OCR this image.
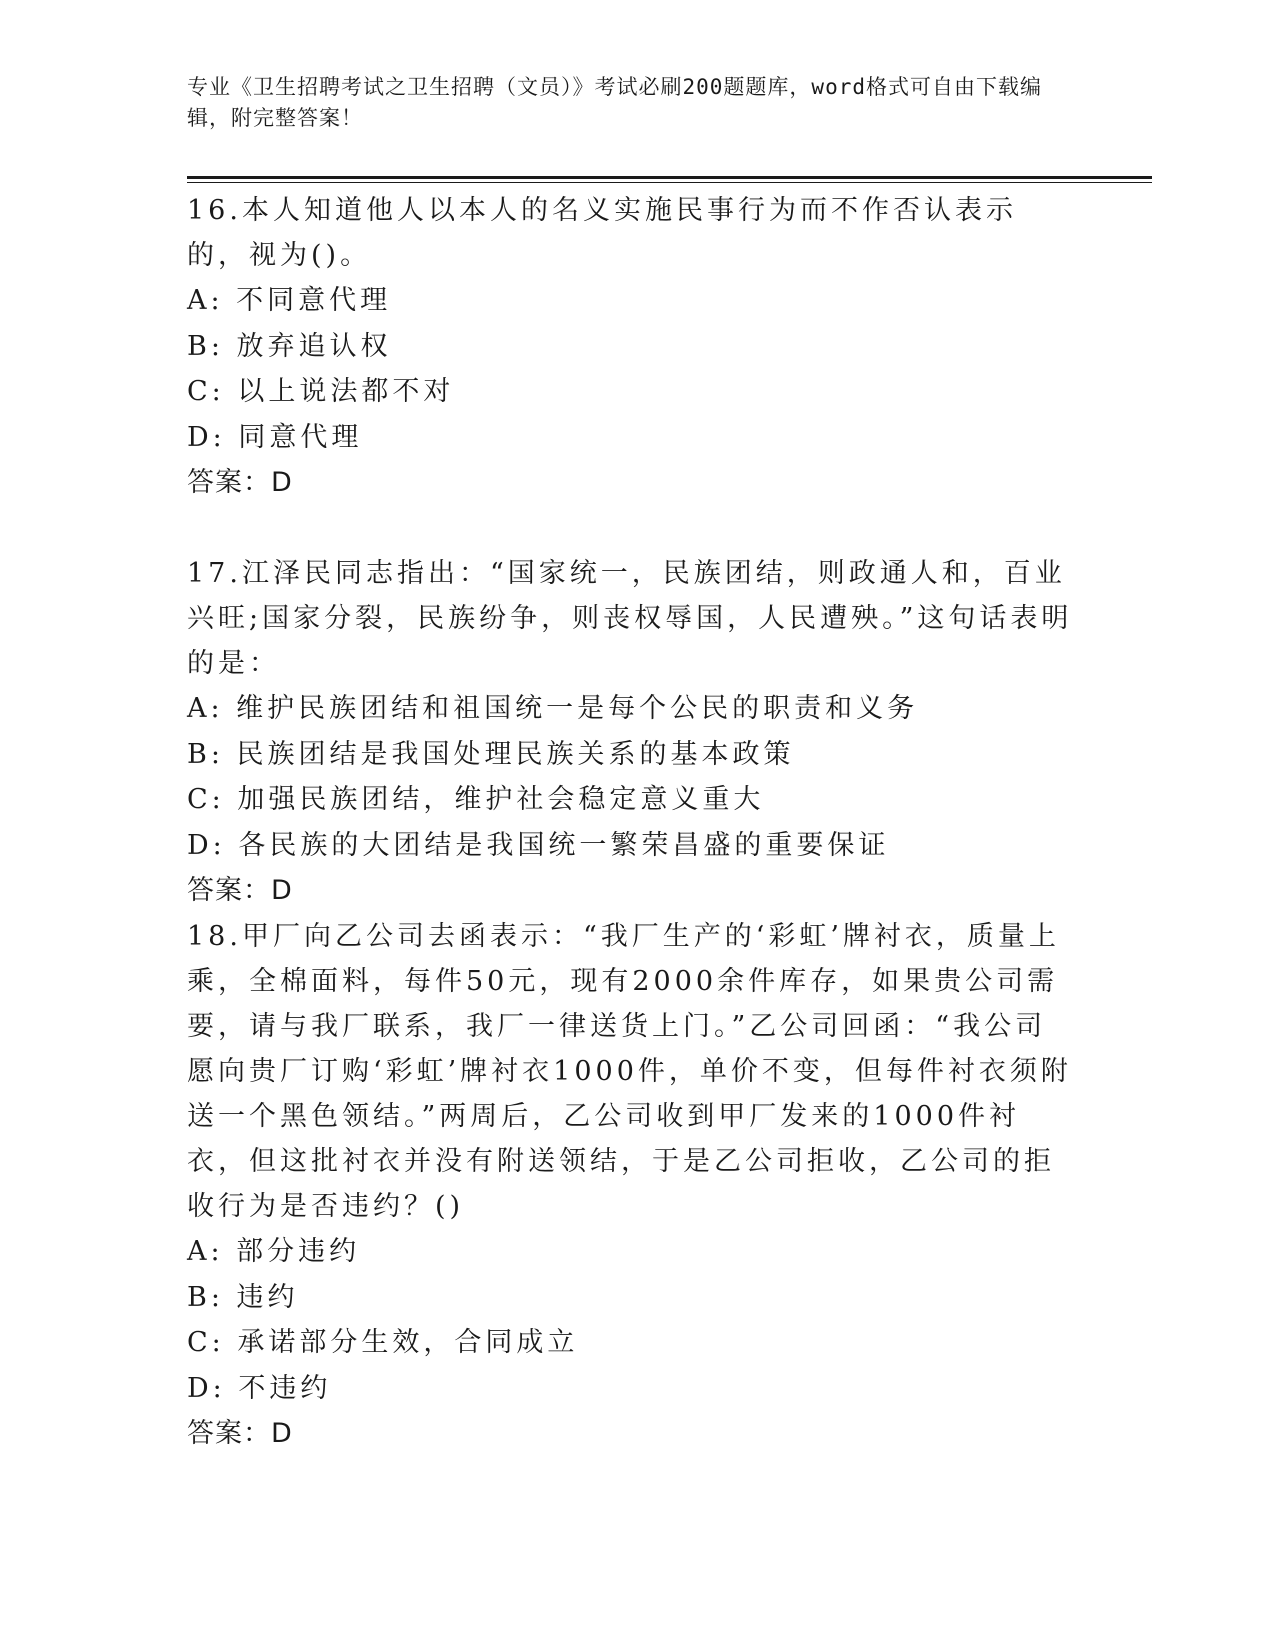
专业《卫生招聘考试之卫生招聘（文员）》考试必刷200题题库，word格式可自由下载编辑，附完整答案！

16.本人知道他人以本人的名义实施民事行为而不作否认表示的，视为()。

A: 不同意代理

B: 放弃追认权

C: 以上说法都不对

D: 同意代理

答案：D

17.江泽民同志指出：“国家统一，民族团结，则政通人和，百业兴旺;国家分裂，民族纷争，则丧权辱国，人民遭殃。”这句话表明的是：

A: 维护民族团结和祖国统一是每个公民的职责和义务

B: 民族团结是我国处理民族关系的基本政策

C: 加强民族团结，维护社会稳定意义重大

D: 各民族的大团结是我国统一繁荣昌盛的重要保证

答案：D

18.甲厂向乙公司去函表示：“我厂生产的‘彩虹’牌衬衣，质量上乘，全棉面料，每件50元，现有2000余件库存，如果贵公司需要，请与我厂联系，我厂一律送货上门。”乙公司回函：“我公司愿向贵厂订购‘彩虹’牌衬衣1000件，单价不变，但每件衬衣须附送一个黑色领结。”两周后，乙公司收到甲厂发来的1000件衬衣，但这批衬衣并没有附送领结，于是乙公司拒收，乙公司的拒收行为是否违约？()

A: 部分违约

B: 违约

C: 承诺部分生效，合同成立

D: 不违约

答案：D
